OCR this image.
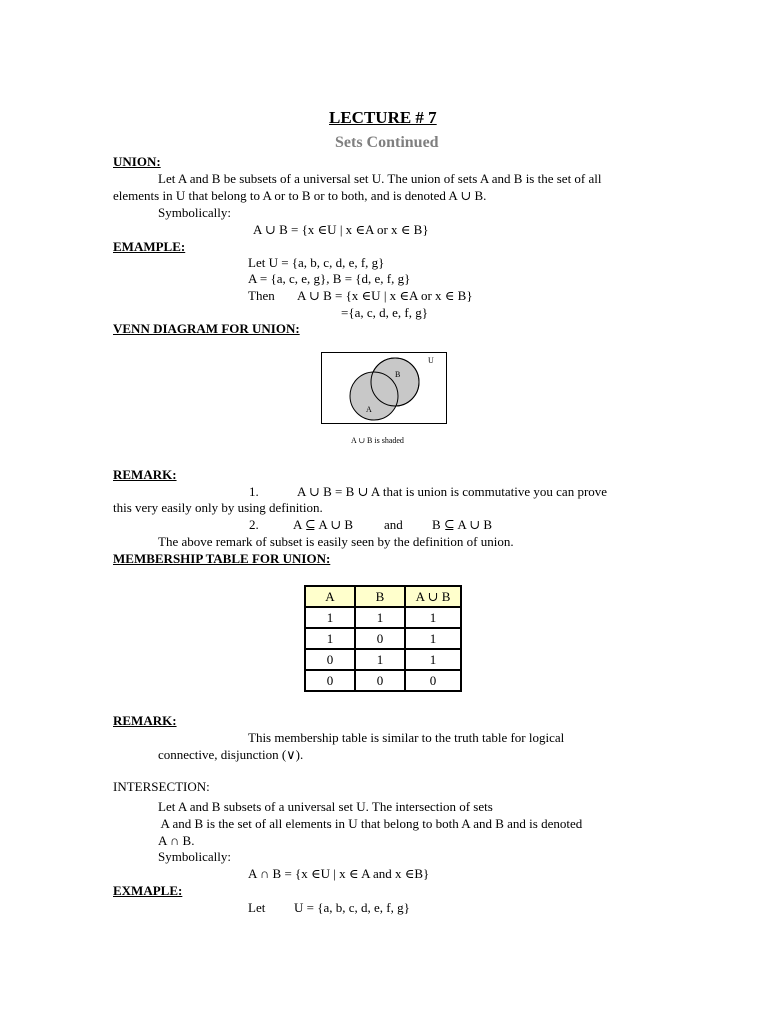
LECTURE # 7
Sets Continued
UNION:
Let A and B be subsets of a universal set U. The union of sets A and B is the set of all
elements in U that belong to A or to B or to both, and is denoted A ∪ B.
Symbolically:
A ∪ B = {x ∈U | x ∈A or x ∈ B}
EMAMPLE:
Let U = {a, b, c, d, e, f, g}
A = {a, c, e, g}, B = {d, e, f, g}
Then A ∪ B = {x ∈U | x ∈A or x ∈ B}
={a, c, d, e, f, g}
VENN DIAGRAM FOR UNION:
U
B
A
A ∪ B is shaded
REMARK:
1.	A ∪ B = B ∪ A that is union is commutative you can prove
this very easily only by using definition.
2.	A ⊆ A ∪ B and B ⊆ A ∪ B
The above remark of subset is easily seen by the definition of union.
MEMBERSHIP TABLE FOR UNION:
A	B	A ∪ B
1	1	1
1	0	1
0	1	1
0	0	0
REMARK:
This membership table is similar to the truth table for logical
connective, disjunction (∨).
INTERSECTION:
Let A and B subsets of a universal set U. The intersection of sets
A and B is the set of all elements in U that belong to both A and B and is denoted
A ∩ B.
Symbolically:
A ∩ B = {x ∈U | x ∈ A and x ∈B}
EXMAPLE:
Let U = {a, b, c, d, e, f, g}
